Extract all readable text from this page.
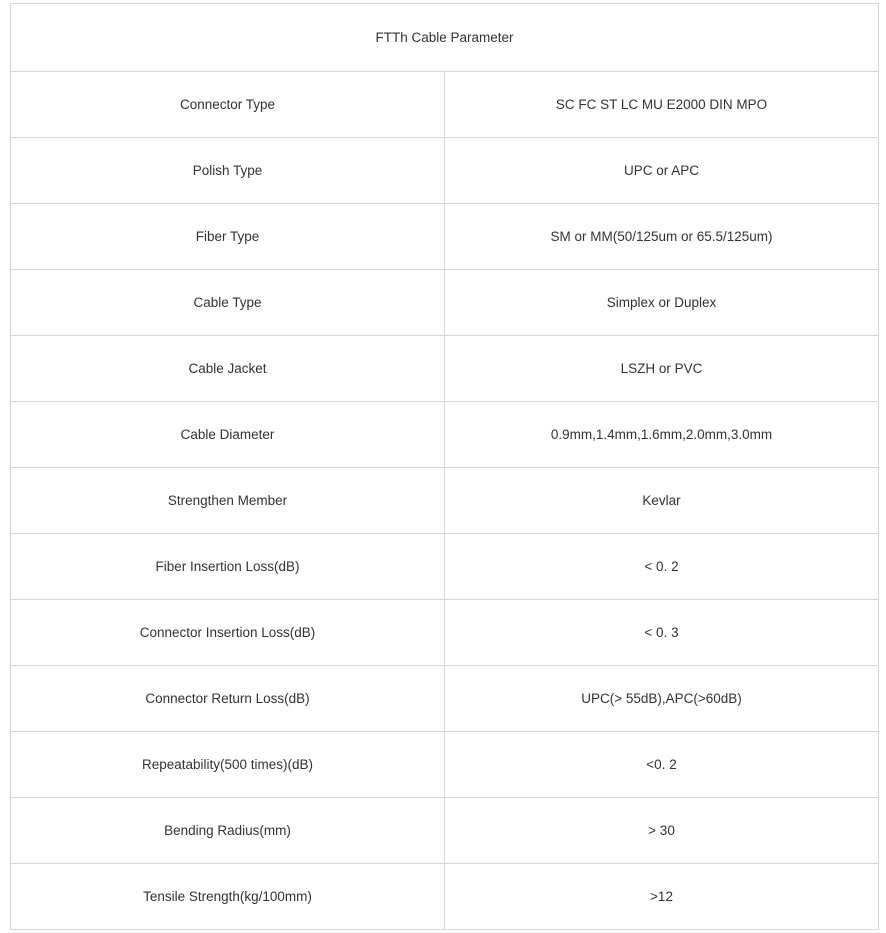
FTTh Cable Parameter	
Connector Type	SC FC ST LC MU E2000 DIN MPO
Polish Type	UPC or APC
Fiber Type	SM or MM(50/125um or 65.5/125um)
Cable Type	Simplex or Duplex
Cable Jacket	LSZH or PVC
Cable Diameter	0.9mm,1.4mm,1.6mm,2.0mm,3.0mm
Strengthen Member	Kevlar
Fiber Insertion Loss(dB)	< 0. 2
Connector Insertion Loss(dB)	< 0. 3
Connector Return Loss(dB)	UPC(> 55dB),APC(>60dB)
Repeatability(500 times)(dB)	<0. 2
Bending Radius(mm)	> 30
Tensile Strength(kg/100mm)	>12
